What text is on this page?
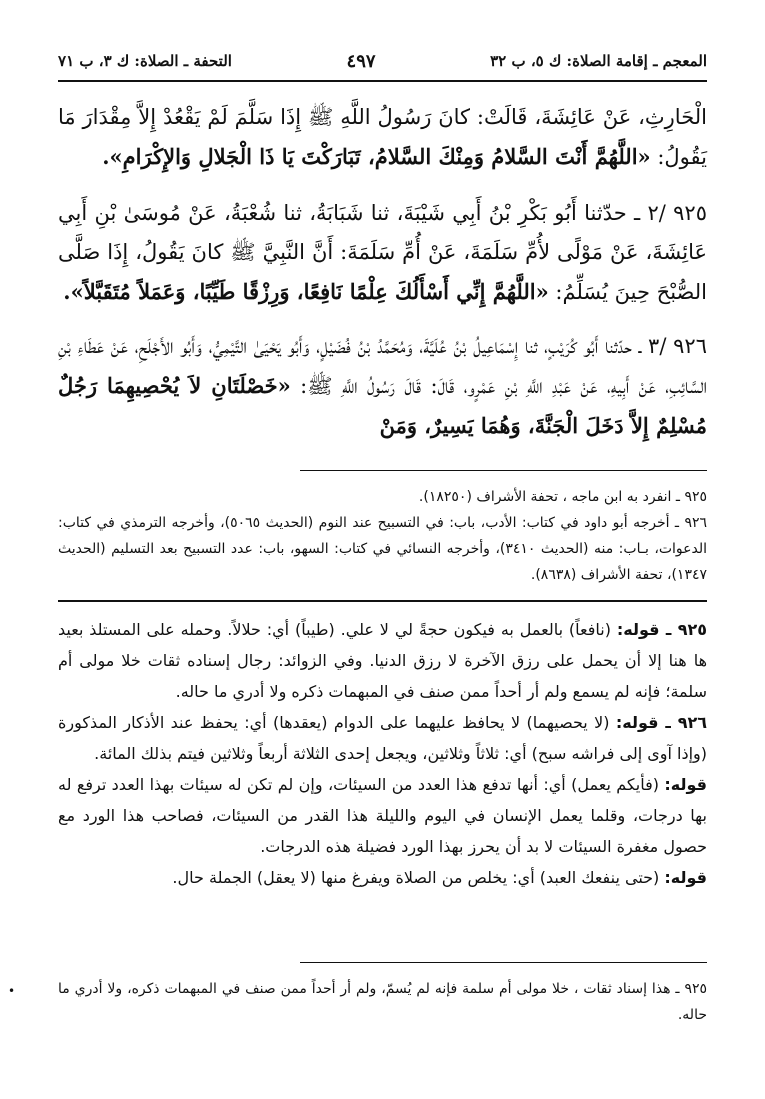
المعجم ـ إقامة الصلاة: ك ٥، ب ٣٢
٤٩٧
التحفة ـ الصلاة: ك ٣، ب ٧١

الْحَارِثِ، عَنْ عَائِشَةَ، قَالَتْ: كانَ رَسُولُ اللَّهِ ﷺ إِذَا سَلَّمَ لَمْ يَقْعُدْ إِلاَّ مِقْدَارَ مَا يَقُولُ: «اللَّهُمَّ أَنْتَ السَّلامُ وَمِنْكَ السَّلامُ، تَبَارَكْتَ يَا ذَا الْجَلالِ وَالإِكْرَامِ».

٩٢٥ /٢ ـ حدّثنا أَبُو بَكْرِ بْنُ أَبِي شَيْبَةَ، ثنا شَبَابَةُ، ثنا شُعْبَةُ، عَنْ مُوسَىٰ بْنِ أَبِي عَائِشَةَ، عَنْ مَوْلًى لأُمِّ سَلَمَةَ، عَنْ أُمِّ سَلَمَةَ: أَنَّ النَّبِيَّ ﷺ كانَ يَقُولُ، إِذَا صَلَّى الصُّبْحَ حِينَ يُسَلِّمُ: «اللَّهُمَّ إِنِّي أَسْأَلُكَ عِلْمًا نَافِعًا، وَرِزْقًا طَيِّبًا، وَعَمَلاً مُتَقَبَّلاً».

٩٢٦ /٣ ـ حدّثنا أَبُو كُرَيْبٍ، ثنا إِسْمَاعِيلُ بْنُ عُلَيَّةَ، وَمُحَمَّدُ بْنُ فُضَيْلٍ، وَأَبُو يَحْيَىٰ التَّيْمِيُّ، وَأَبُو الأَجْلَحِ، عَنْ عَطَاءِ بْنِ السَّائِبِ، عَنْ أَبِيهِ، عَنْ عَبْدِ اللَّهِ بْنِ عَمْرٍو، قَالَ: قَالَ رَسُولُ اللَّهِ ﷺ: «خَصْلَتَانِ لاَ يُحْصِيهِمَا رَجُلٌ مُسْلِمٌ إِلاَّ دَخَلَ الْجَنَّةَ، وَهُمَا يَسِيرٌ، وَمَنْ

٩٢٥ ـ انفرد به ابن ماجه ، تحفة الأشراف (١٨٢٥٠).

٩٢٦ ـ أخرجه أبو داود في كتاب: الأدب، باب: في التسبيح عند النوم (الحديث ٥٠٦٥)، وأخرجه الترمذي في كتاب: الدعوات، بـاب: منه (الحديث ٣٤١٠)، وأخرجه النسائي في كتاب: السهو، باب: عدد التسبيح بعد التسليم (الحديث ١٣٤٧)، تحفة الأشراف (٨٦٣٨).

٩٢٥ ـ قوله: (نافعاً) بالعمل به فيكون حجةً لي لا علي. (طيباً) أي: حلالاً. وحمله على المستلذ بعيد ها هنا إلا أن يحمل على رزق الآخرة لا رزق الدنيا. وفي الزوائد: رجال إسناده ثقات خلا مولى أم سلمة؛ فإنه لم يسمع ولم أر أحداً ممن صنف في المبهمات ذكره ولا أدري ما حاله.

٩٢٦ ـ قوله: (لا يحصيهما) لا يحافظ عليهما على الدوام (يعقدها) أي: يحفظ عند الأذكار المذكورة (وإذا آوى إلى فراشه سبح) أي: ثلاثاً وثلاثين، ويجعل إحدى الثلاثة أربعاً وثلاثين فيتم بذلك المائة.

قوله: (فأيكم يعمل) أي: أنها تدفع هذا العدد من السيئات، وإن لم تكن له سيئات بهذا العدد ترفع له بها درجات، وقلما يعمل الإنسان في اليوم والليلة هذا القدر من السيئات، فصاحب هذا الورد مع حصول مغفرة السيئات لا بد أن يحرز بهذا الورد فضيلة هذه الدرجات.

قوله: (حتى ينفعك العبد) أي: يخلص من الصلاة ويفرغ منها (لا يعقل) الجملة حال.

٩٢٥ ـ هذا إسناد ثقات ، خلا مولى أم سلمة فإنه لم يُسمّ، ولم أر أحداً ممن صنف في المبهمات ذكره، ولا أدري ما حاله.

•
